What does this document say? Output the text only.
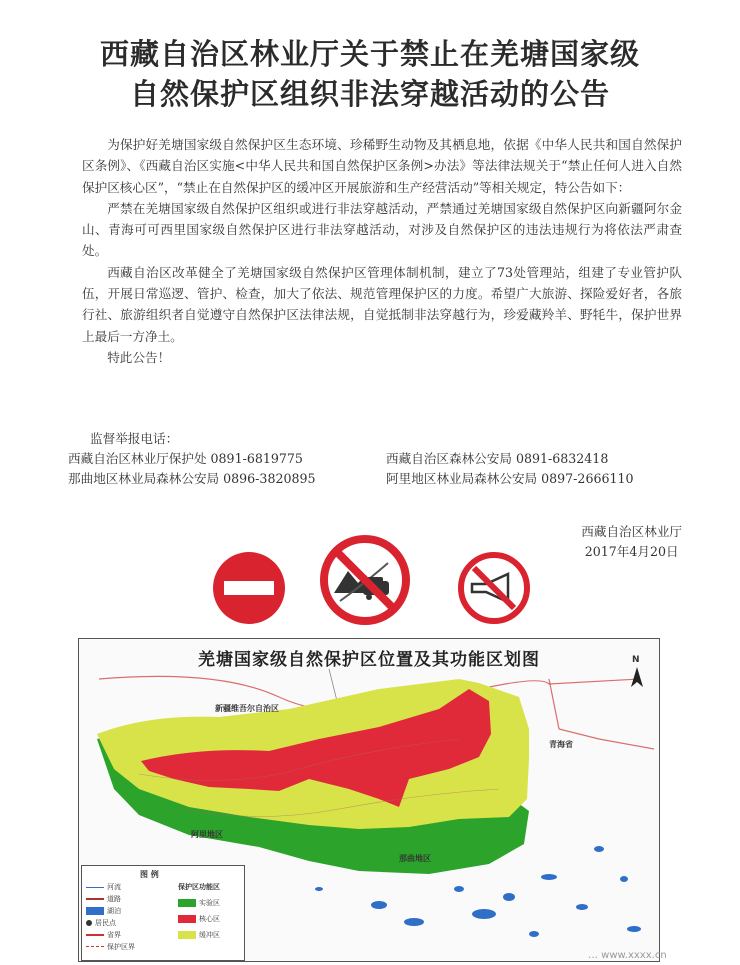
西藏自治区林业厅关于禁止在羌塘国家级
自然保护区组织非法穿越活动的公告

为保护好羌塘国家级自然保护区生态环境、珍稀野生动物及其栖息地，依据《中华人民共和国自然保护区条例》、《西藏自治区实施<中华人民共和国自然保护区条例>办法》等法律法规关于“禁止任何人进入自然保护区核心区”，“禁止在自然保护区的缓冲区开展旅游和生产经营活动”等相关规定，特公告如下：

严禁在羌塘国家级自然保护区组织或进行非法穿越活动，严禁通过羌塘国家级自然保护区向新疆阿尔金山、青海可可西里国家级自然保护区进行非法穿越活动，对涉及自然保护区的违法违规行为将依法严肃查处。

西藏自治区改革健全了羌塘国家级自然保护区管理体制机制，建立了73处管理站，组建了专业管护队伍，开展日常巡逻、管护、检查，加大了依法、规范管理保护区的力度。希望广大旅游、探险爱好者，各旅行社、旅游组织者自觉遵守自然保护区法律法规，自觉抵制非法穿越行为，珍爱藏羚羊、野牦牛，保护世界上最后一方净土。

特此公告！

监督举报电话：
西藏自治区林业厅保护处 0891-6819775	西藏自治区森林公安局 0891-6832418
那曲地区林业局森林公安局 0896-3820895	阿里地区林业局森林公安局 0897-2666110
西藏自治区林业厅
2017年4月20日
羌塘国家级自然保护区位置及其功能区划图	N
新疆维吾尔自治区
青海省
阿里地区
那曲地区
图 例
河流
道路
湖泊
居民点
省界
保护区界
保护区功能区
实验区
核心区
缓冲区
… www.xxxx.cn
